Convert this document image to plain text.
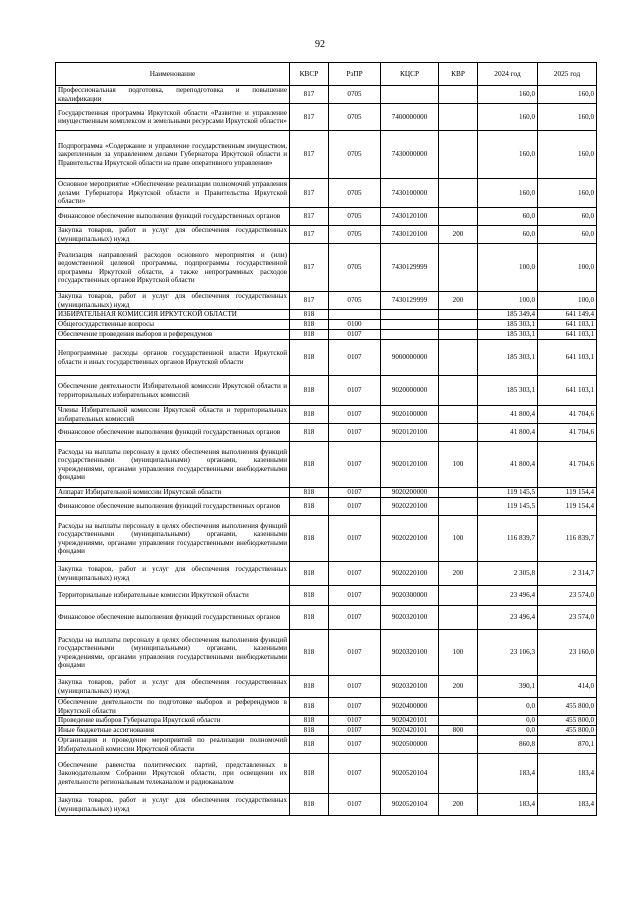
92
Наименование	КВСР	РзПР	КЦСР	КВР	2024 год	2025 год
Профессиональная подготовка, переподготовка и повышение квалификации	817	0705			160,0	160,0
Государственная программа Иркутской области «Развитие и управление имущественным комплексом и земельными ресурсами Иркутской области»	817	0705	7400000000		160,0	160,0
Подпрограмма «Содержание и управление государственным имуществом, закрепленным за управлением делами Губернатора Иркутской области и Правительства Иркутской области на праве оперативного управления»	817	0705	7430000000		160,0	160,0
Основное мероприятие «Обеспечение реализации полномочий управления делами Губернатора Иркутской области и Правительства Иркутской области»	817	0705	7430100000		160,0	160,0
Финансовое обеспечение выполнения функций государственных органов	817	0705	7430120100		60,0	60,0
Закупка товаров, работ и услуг для обеспечения государственных (муниципальных) нужд	817	0705	7430120100	200	60,0	60,0
Реализация направлений расходов основного мероприятия и (или) ведомственной целевой программы, подпрограммы государственной программы Иркутской области, а также непрограммных расходов государственных органов Иркутской области	817	0705	7430129999		100,0	100,0
Закупка товаров, работ и услуг для обеспечения государственных (муниципальных) нужд	817	0705	7430129999	200	100,0	100,0
ИЗБИРАТЕЛЬНАЯ КОМИССИЯ ИРКУТСКОЙ ОБЛАСТИ	818				185 349,4	641 149,4
Общегосударственные вопросы	818	0100			185 303,1	641 103,1
Обеспечение проведения выборов и референдумов	818	0107			185 303,1	641 103,1
Непрограммные расходы органов государственной власти Иркутской области и иных государственных органов Иркутской области	818	0107	9000000000		185 303,1	641 103,1
Обеспечение деятельности Избирательной комиссии Иркутской области и территориальных избирательных комиссий	818	0107	9020000000		185 303,1	641 103,1
Члены Избирательной комиссии Иркутской области и территориальных избирательных комиссий	818	0107	9020100000		41 800,4	41 704,6
Финансовое обеспечение выполнения функций государственных органов	818	0107	9020120100		41 800,4	41 704,6
Расходы на выплаты персоналу в целях обеспечения выполнения функций государственными (муниципальными) органами, казенными учреждениями, органами управления государственными внебюджетными фондами	818	0107	9020120100	100	41 800,4	41 704,6
Аппарат Избирательной комиссии Иркутской области	818	0107	9020200000		119 145,5	119 154,4
Финансовое обеспечение выполнения функций государственных органов	818	0107	9020220100		119 145,5	119 154,4
Расходы на выплаты персоналу в целях обеспечения выполнения функций государственными (муниципальными) органами, казенными учреждениями, органами управления государственными внебюджетными фондами	818	0107	9020220100	100	116 839,7	116 839,7
Закупка товаров, работ и услуг для обеспечения государственных (муниципальных) нужд	818	0107	9020220100	200	2 305,8	2 314,7
Территориальные избирательные комиссии Иркутской области	818	0107	9020300000		23 496,4	23 574,0
Финансовое обеспечение выполнения функций государственных органов	818	0107	9020320100		23 496,4	23 574,0
Расходы на выплаты персоналу в целях обеспечения выполнения функций государственными (муниципальными) органами, казенными учреждениями, органами управления государственными внебюджетными фондами	818	0107	9020320100	100	23 106,3	23 160,0
Закупка товаров, работ и услуг для обеспечения государственных (муниципальных) нужд	818	0107	9020320100	200	390,1	414,0
Обеспечение деятельности по подготовке выборов и референдумов в Иркутской области	818	0107	9020400000		0,0	455 800,0
Проведение выборов Губернатора Иркутской области	818	0107	9020420101		0,0	455 800,0
Иные бюджетные ассигнования	818	0107	9020420101	800	0,0	455 800,0
Организация и проведение мероприятий по реализации полномочий Избирательной комиссии Иркутской области	818	0107	9020500000		860,8	870,1
Обеспечение равенства политических партий, представленных в Законодательном Собрании Иркутской области, при освещении их деятельности региональным телеканалом и радиоканалом	818	0107	9020520104		183,4	183,4
Закупка товаров, работ и услуг для обеспечения государственных (муниципальных) нужд	818	0107	9020520104	200	183,4	183,4
